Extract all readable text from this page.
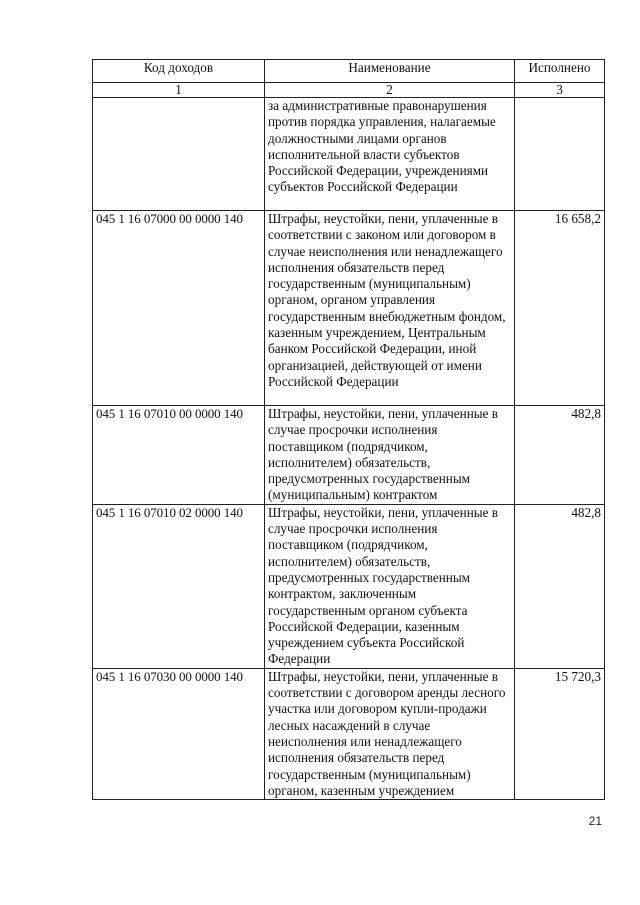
Код доходов	Наименование	Исполнено
1	2	3
	за административные правонарушения против порядка управления, налагаемые должностными лицами органов исполнительной власти субъектов Российской Федерации, учреждениями субъектов Российской Федерации	
045 1 16 07000 00 0000 140	Штрафы, неустойки, пени, уплаченные в соответствии с законом или договором в случае неисполнения или ненадлежащего исполнения обязательств перед государственным (муниципальным) органом, органом управления государственным внебюджетным фондом, казенным учреждением, Центральным банком Российской Федерации, иной организацией, действующей от имени Российской Федерации	16 658,2
045 1 16 07010 00 0000 140	Штрафы, неустойки, пени, уплаченные в случае просрочки исполнения поставщиком (подрядчиком, исполнителем) обязательств, предусмотренных государственным (муниципальным) контрактом	482,8
045 1 16 07010 02 0000 140	Штрафы, неустойки, пени, уплаченные в случае просрочки исполнения поставщиком (подрядчиком, исполнителем) обязательств, предусмотренных государственным контрактом, заключенным государственным органом субъекта Российской Федерации, казенным учреждением субъекта Российской Федерации	482,8
045 1 16 07030 00 0000 140	Штрафы, неустойки, пени, уплаченные в соответствии с договором аренды лесного участка или договором купли-продажи лесных насаждений в случае неисполнения или ненадлежащего исполнения обязательств перед государственным (муниципальным) органом, казенным учреждением	15 720,3
21
